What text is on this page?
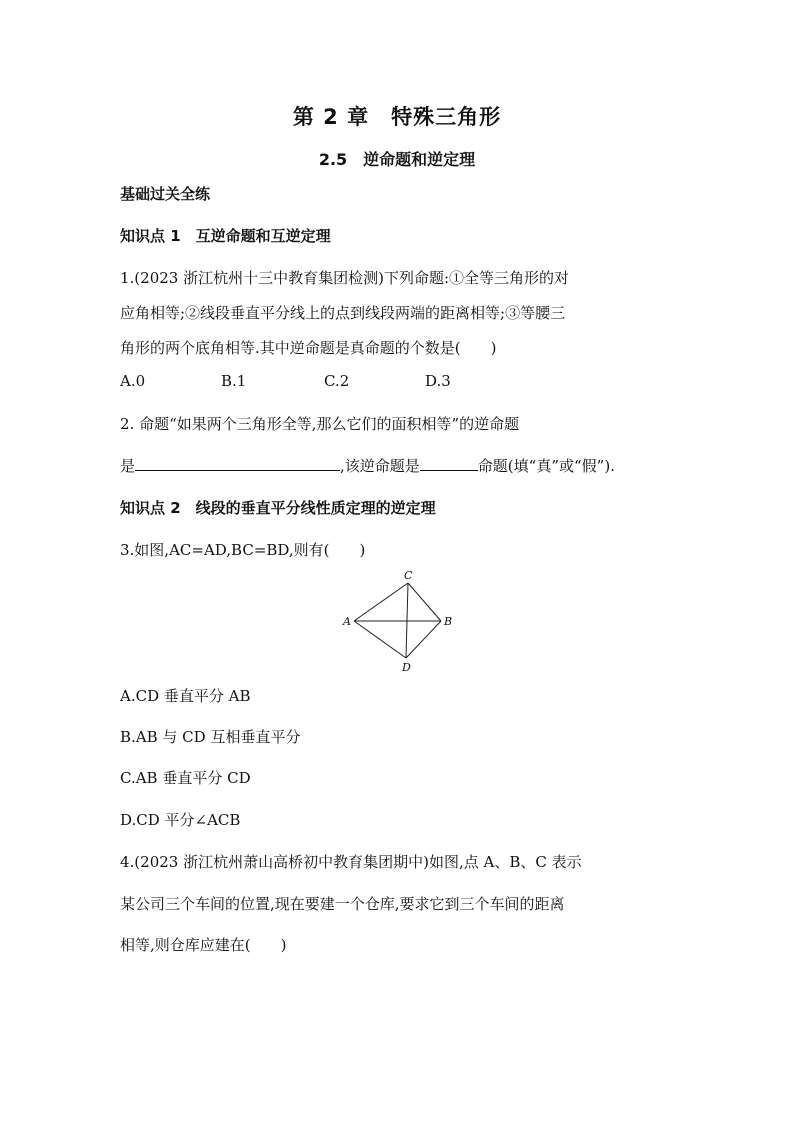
第 2 章　特殊三角形
2.5　逆命题和逆定理
基础过关全练
知识点 1　互逆命题和互逆定理
1.(2023 浙江杭州十三中教育集团检测)下列命题:①全等三角形的对
应角相等;②线段垂直平分线上的点到线段两端的距离相等;③等腰三
角形的两个底角相等.其中逆命题是真命题的个数是(　　)
A.0	B.1	C.2	D.3
2. 命题“如果两个三角形全等,那么它们的面积相等”的逆命题
是	,该逆命题是	命题(填“真”或“假”).
知识点 2　线段的垂直平分线性质定理的逆定理
3.如图,AC=AD,BC=BD,则有(　　)
C
A	B
D
A.CD 垂直平分 AB
B.AB 与 CD 互相垂直平分
C.AB 垂直平分 CD
D.CD 平分∠ACB
4.(2023 浙江杭州萧山高桥初中教育集团期中)如图,点 A、B、C 表示
某公司三个车间的位置,现在要建一个仓库,要求它到三个车间的距离
相等,则仓库应建在(　　)
